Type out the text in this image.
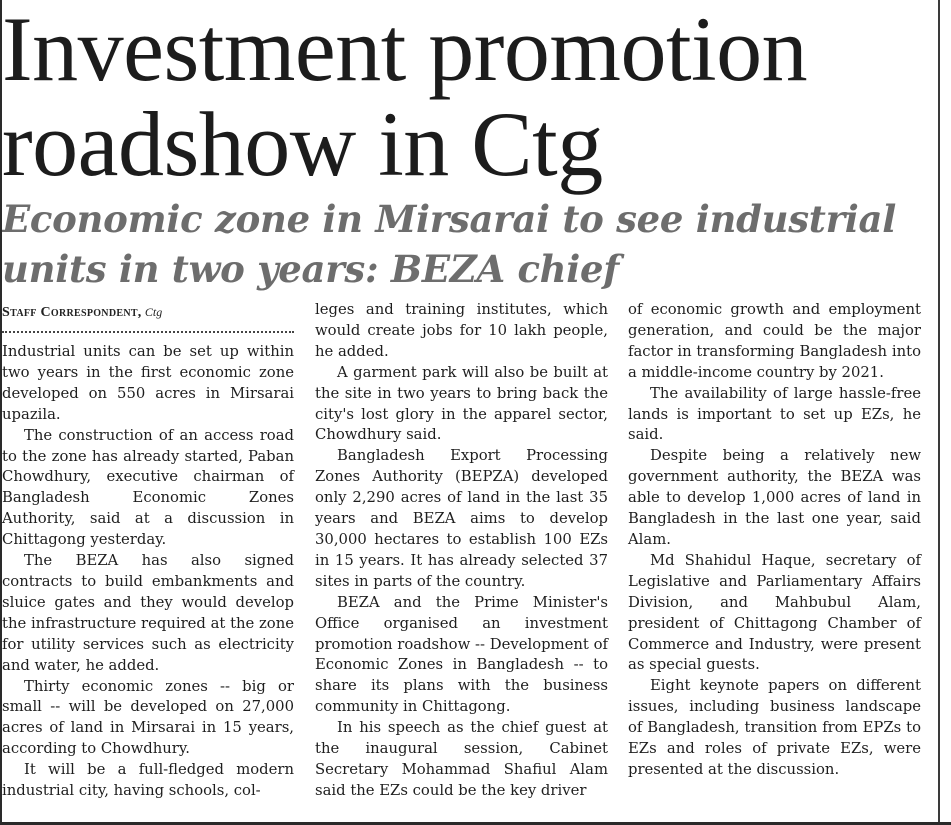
Investment promotion
roadshow in Ctg
Economic zone in Mirsarai to see industrial
units in two years: BEZA chief
Staff Correspondent, Ctg

Industrial units can be set up within two years in the first economic zone developed on 550 acres in Mirsarai upazila.

The construction of an access road to the zone has already started, Paban Chowdhury, executive chairman of Bangladesh Economic Zones Authority, said at a discussion in Chittagong yesterday.

The BEZA has also signed contracts to build embankments and sluice gates and they would develop the infrastructure required at the zone for utility services such as electricity and water, he added.

Thirty economic zones -- big or small -- will be developed on 27,000 acres of land in Mirsarai in 15 years, according to Chowdhury.

It will be a full-fledged modern industrial city, having schools, col-

leges and training institutes, which would create jobs for 10 lakh people, he added.

A garment park will also be built at the site in two years to bring back the city's lost glory in the apparel sector, Chowdhury said.

Bangladesh Export Processing Zones Authority (BEPZA) developed only 2,290 acres of land in the last 35 years and BEZA aims to develop 30,000 hectares to establish 100 EZs in 15 years. It has already selected 37 sites in parts of the country.

BEZA and the Prime Minister's Office organised an investment promotion roadshow -- Development of Economic Zones in Bangladesh -- to share its plans with the business community in Chittagong.

In his speech as the chief guest at the inaugural session, Cabinet Secretary Mohammad Shafiul Alam said the EZs could be the key driver

of economic growth and employment generation, and could be the major factor in transforming Bangladesh into a middle-income country by 2021.

The availability of large hassle-free lands is important to set up EZs, he said.

Despite being a relatively new government authority, the BEZA was able to develop 1,000 acres of land in Bangladesh in the last one year, said Alam.

Md Shahidul Haque, secretary of Legislative and Parliamentary Affairs Division, and Mahbubul Alam, president of Chittagong Chamber of Commerce and Industry, were present as special guests.

Eight keynote papers on different issues, including business landscape of Bangladesh, transition from EPZs to EZs and roles of private EZs, were presented at the discussion.
